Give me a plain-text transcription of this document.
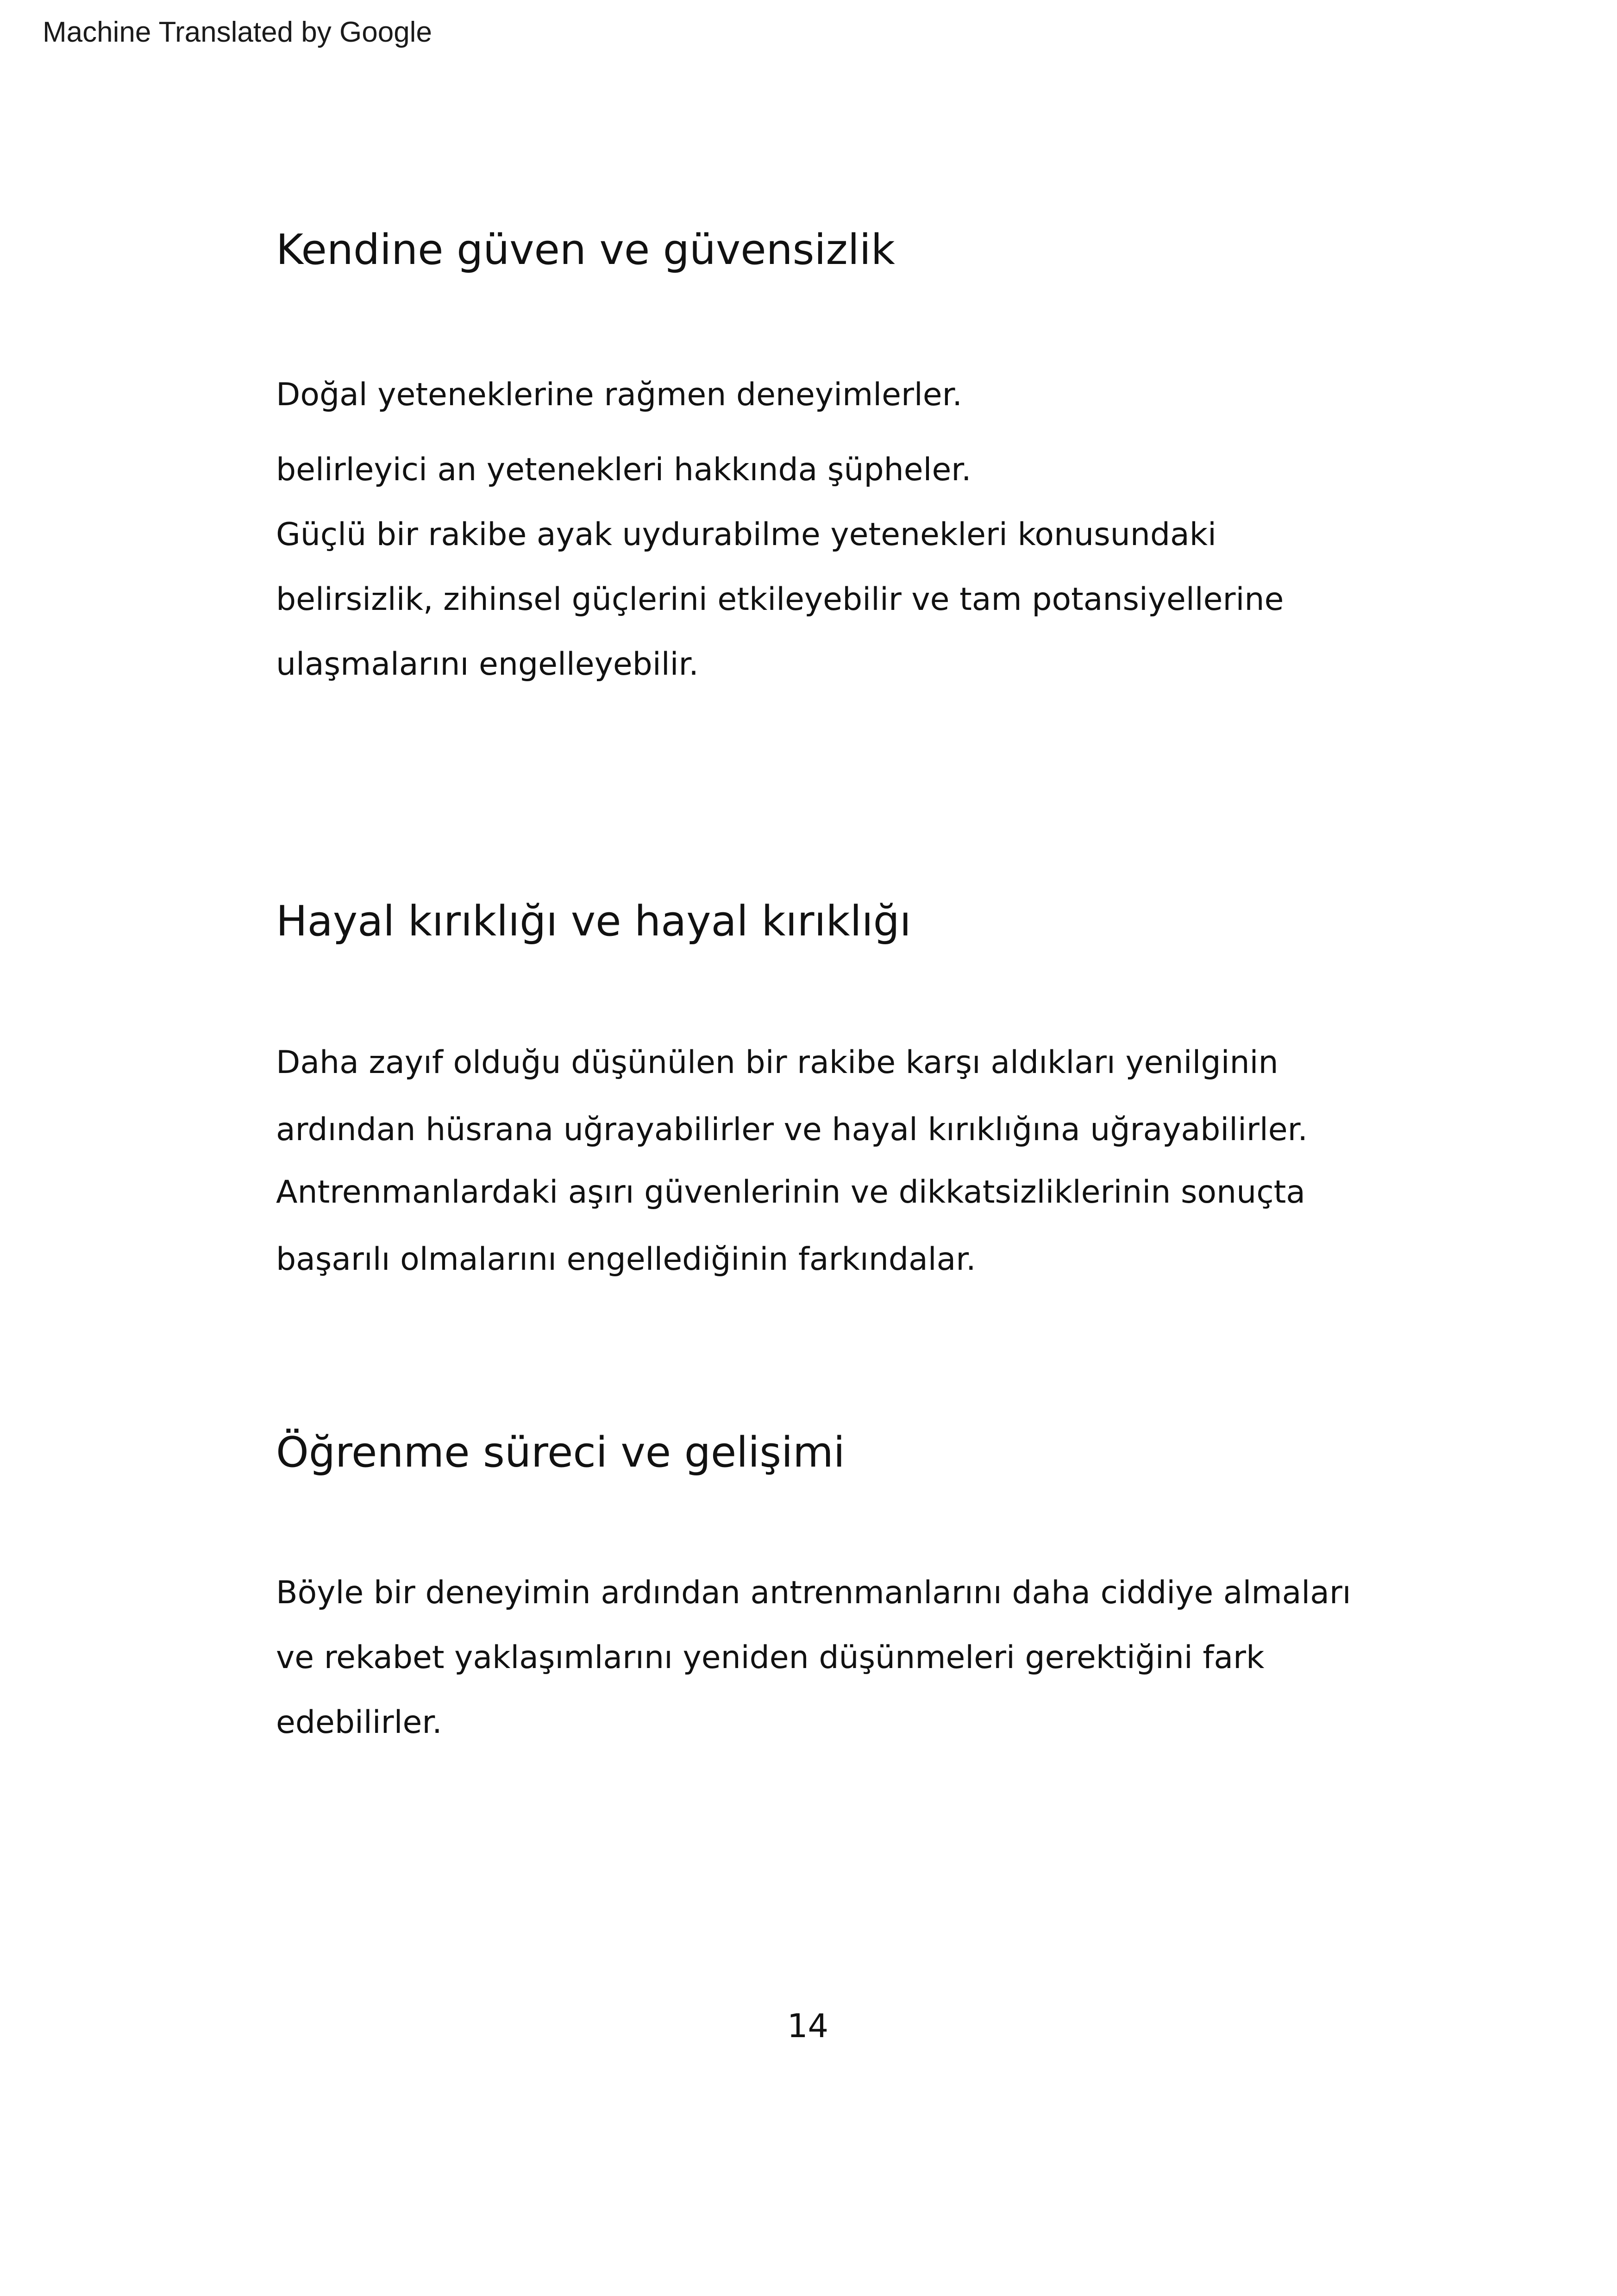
Machine Translated by Google
Kendine güven ve güvensizlik
Doğal yeteneklerine rağmen deneyimlerler.
belirleyici an yetenekleri hakkında şüpheler.
Güçlü bir rakibe ayak uydurabilme yetenekleri konusundaki
belirsizlik, zihinsel güçlerini etkileyebilir ve tam potansiyellerine
ulaşmalarını engelleyebilir.
Hayal kırıklığı ve hayal kırıklığı
Daha zayıf olduğu düşünülen bir rakibe karşı aldıkları yenilginin
ardından hüsrana uğrayabilirler ve hayal kırıklığına uğrayabilirler.
Antrenmanlardaki aşırı güvenlerinin ve dikkatsizliklerinin sonuçta
başarılı olmalarını engellediğinin farkındalar.
Öğrenme süreci ve gelişimi
Böyle bir deneyimin ardından antrenmanlarını daha ciddiye almaları
ve rekabet yaklaşımlarını yeniden düşünmeleri gerektiğini fark
edebilirler.
14
